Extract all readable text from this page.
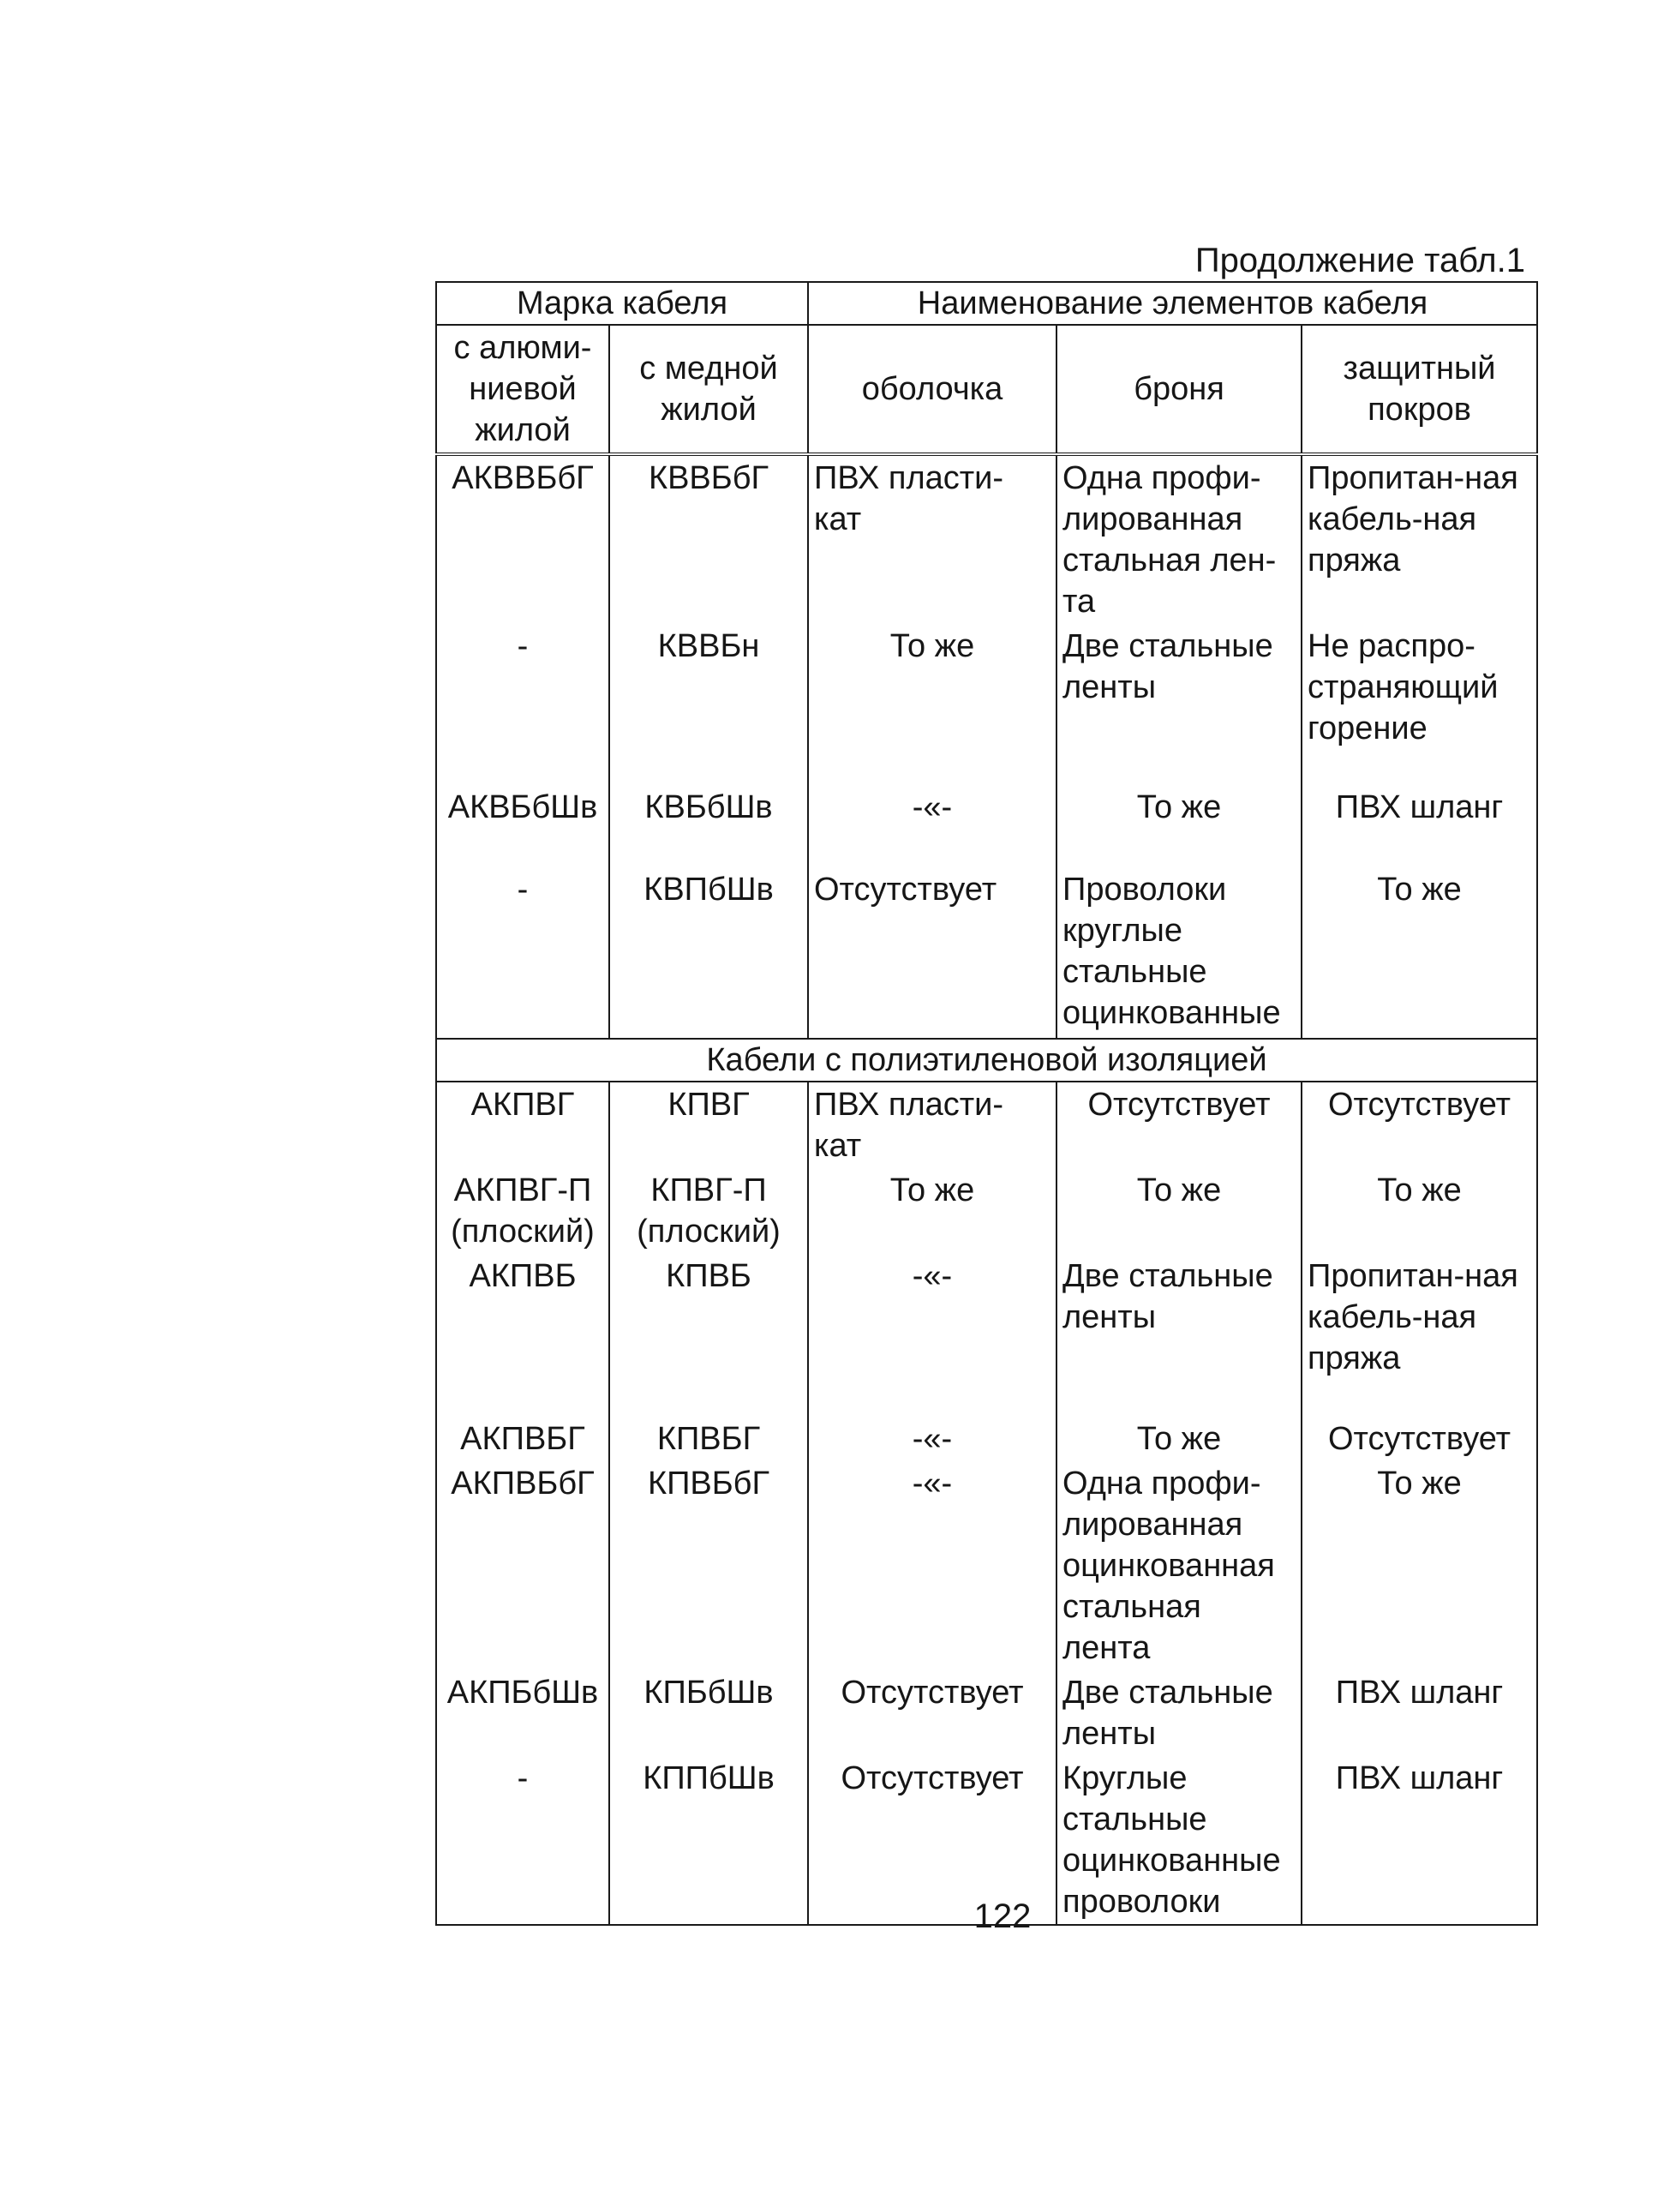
Продолжение табл.1
Марка кабеля		Наименование элементов кабеля		
с алюми-ниевой жилой	с медной жилой	оболочка	броня	защитный покров
АКВВБбГ	КВВБбГ	ПВХ пласти-кат	Одна профи-лированная стальная лен-та	Пропитан-ная кабель-ная пряжа
-	КВВБн	То же	Две стальные ленты	Не распро-страняющий горение
АКВБбШв	КВБбШв	-«-	То же	ПВХ шланг
-	КВПбШв	Отсутствует	Проволоки круглые стальные оцинкованные	То же
Кабели с полиэтиленовой изоляцией				
АКПВГ	КПВГ	ПВХ пласти-кат	Отсутствует	Отсутствует
АКПВГ-П (плоский)	КПВГ-П (плоский)	То же	То же	То же
АКПВБ	КПВБ	-«-	Две стальные ленты	Пропитан-ная кабель-ная пряжа
АКПВБГ	КПВБГ	-«-	То же	Отсутствует
АКПВБбГ	КПВБбГ	-«-	Одна профи-лированная оцинкованная стальная лента	То же
АКПБбШв	КПБбШв	Отсутствует	Две стальные ленты	ПВХ шланг
-	КППбШв	Отсутствует	Круглые стальные оцинкованные проволоки	ПВХ шланг
122
